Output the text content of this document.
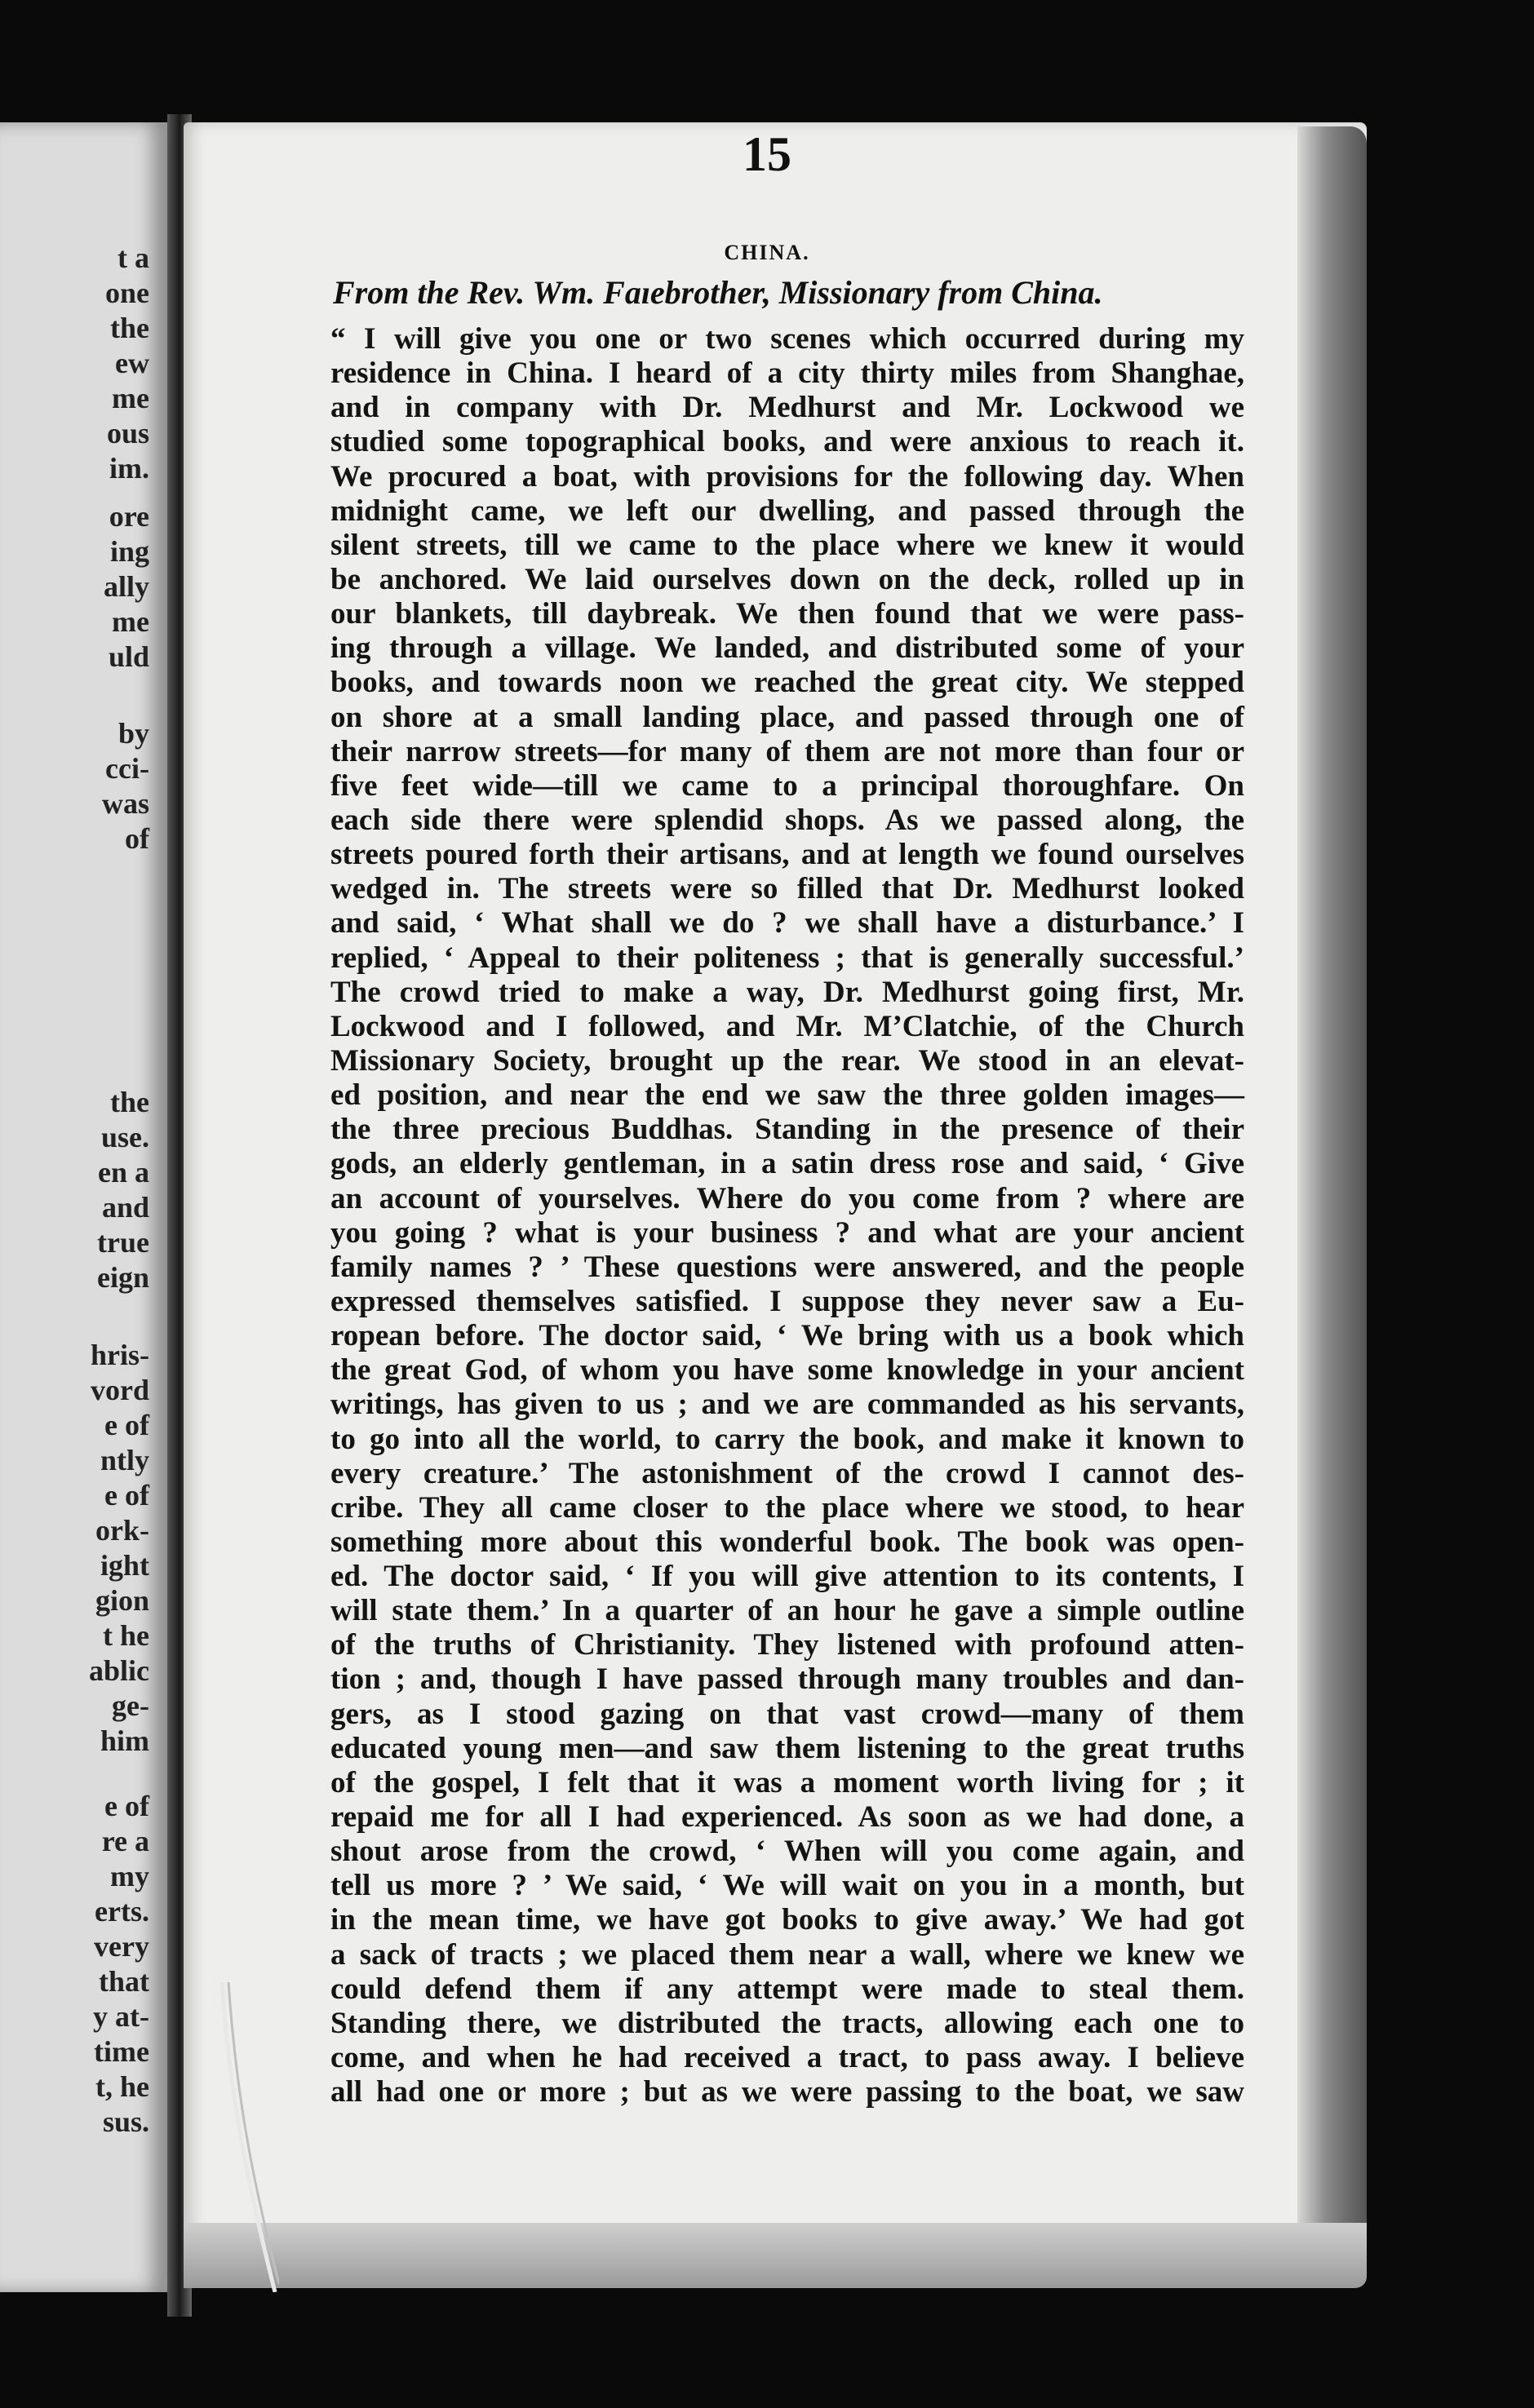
t a
one
the
ew
me
ous
im.
ore
ing
ally
me
uld
by
cci-
was
of
the
use.
en a
and
true
eign
hris-
vord
e of
ntly
e of
ork-
ight
gion
t he
ablic
ge-
him
e of
re a
my
erts.
very
that
y at-
time
t, he
sus.
15
CHINA.
From the Rev. Wm. Faıebrother, Missionary from China.
“ I will give you one or two scenes which occurred during my
residence in China. I heard of a city thirty miles from Shanghae,
and in company with Dr. Medhurst and Mr. Lockwood we
studied some topographical books, and were anxious to reach it.
We procured a boat, with provisions for the following day. When
midnight came, we left our dwelling, and passed through the
silent streets, till we came to the place where we knew it would
be anchored. We laid ourselves down on the deck, rolled up in
our blankets, till daybreak. We then found that we were pass-
ing through a village. We landed, and distributed some of your
books, and towards noon we reached the great city. We stepped
on shore at a small landing place, and passed through one of
their narrow streets—for many of them are not more than four or
five feet wide—till we came to a principal thoroughfare. On
each side there were splendid shops. As we passed along, the
streets poured forth their artisans, and at length we found ourselves
wedged in. The streets were so filled that Dr. Medhurst looked
and said, ‘ What shall we do ? we shall have a disturbance.’ I
replied, ‘ Appeal to their politeness ; that is generally successful.’
The crowd tried to make a way, Dr. Medhurst going first, Mr.
Lockwood and I followed, and Mr. M’Clatchie, of the Church
Missionary Society, brought up the rear. We stood in an elevat-
ed position, and near the end we saw the three golden images—
the three precious Buddhas. Standing in the presence of their
gods, an elderly gentleman, in a satin dress rose and said, ‘ Give
an account of yourselves. Where do you come from ? where are
you going ? what is your business ? and what are your ancient
family names ? ’ These questions were answered, and the people
expressed themselves satisfied. I suppose they never saw a Eu-
ropean before. The doctor said, ‘ We bring with us a book which
the great God, of whom you have some knowledge in your ancient
writings, has given to us ; and we are commanded as his servants,
to go into all the world, to carry the book, and make it known to
every creature.’ The astonishment of the crowd I cannot des-
cribe. They all came closer to the place where we stood, to hear
something more about this wonderful book. The book was open-
ed. The doctor said, ‘ If you will give attention to its contents, I
will state them.’ In a quarter of an hour he gave a simple outline
of the truths of Christianity. They listened with profound atten-
tion ; and, though I have passed through many troubles and dan-
gers, as I stood gazing on that vast crowd—many of them
educated young men—and saw them listening to the great truths
of the gospel, I felt that it was a moment worth living for ; it
repaid me for all I had experienced. As soon as we had done, a
shout arose from the crowd, ‘ When will you come again, and
tell us more ? ’ We said, ‘ We will wait on you in a month, but
in the mean time, we have got books to give away.’ We had got
a sack of tracts ; we placed them near a wall, where we knew we
could defend them if any attempt were made to steal them.
Standing there, we distributed the tracts, allowing each one to
come, and when he had received a tract, to pass away. I believe
all had one or more ; but as we were passing to the boat, we saw
